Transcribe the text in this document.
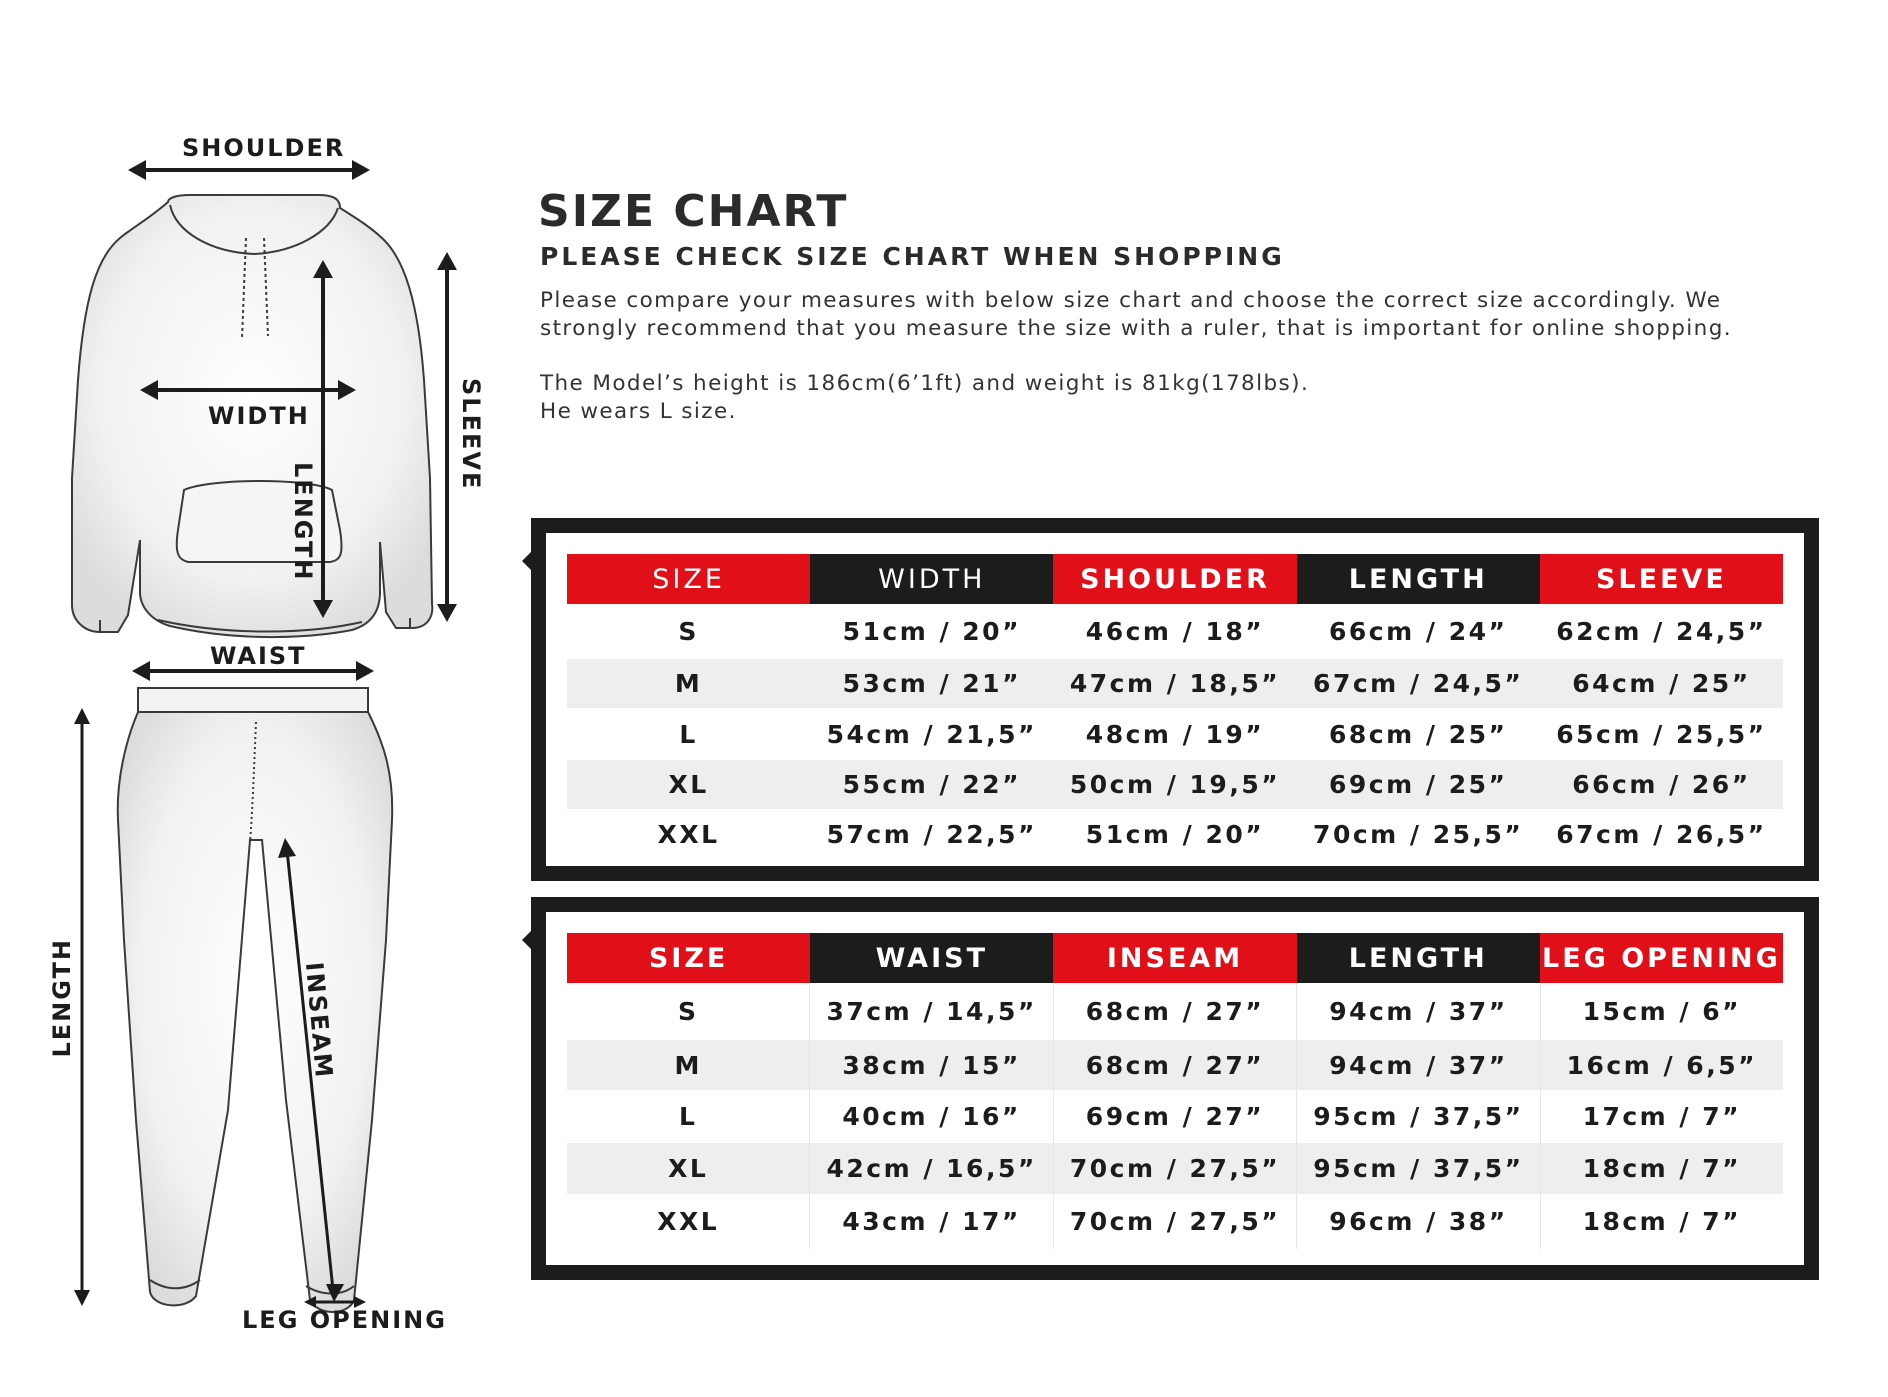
SHOULDER
WIDTH
LENGTH
SLEEVE
WAIST
LENGTH	INSEAM
LEG OPENING
SIZE CHART
PLEASE CHECK SIZE CHART WHEN SHOPPING

Please compare your measures with below size chart and choose the correct size accordingly. We

strongly recommend that you measure the size with a ruler, that is important for online shopping.

The Model’s height is 186cm(6’1ft) and weight is 81kg(178lbs).

He wears L size.

SIZE	WIDTH	SHOULDER	LENGTH	SLEEVE
S	51cm / 20”	46cm / 18”	66cm / 24”	62cm / 24,5”
M	53cm / 21”	47cm / 18,5”	67cm / 24,5”	64cm / 25”
L	54cm / 21,5”	48cm / 19”	68cm / 25”	65cm / 25,5”
XL	55cm / 22”	50cm / 19,5”	69cm / 25”	66cm / 26”
XXL	57cm / 22,5”	51cm / 20”	70cm / 25,5”	67cm / 26,5”
SIZE	WAIST	INSEAM	LENGTH	LEG OPENING
S	37cm / 14,5”	68cm / 27”	94cm / 37”	15cm / 6”
M	38cm / 15”	68cm / 27”	94cm / 37”	16cm / 6,5”
L	40cm / 16”	69cm / 27”	95cm / 37,5”	17cm / 7”
XL	42cm / 16,5”	70cm / 27,5”	95cm / 37,5”	18cm / 7”
XXL	43cm / 17”	70cm / 27,5”	96cm / 38”	18cm / 7”
